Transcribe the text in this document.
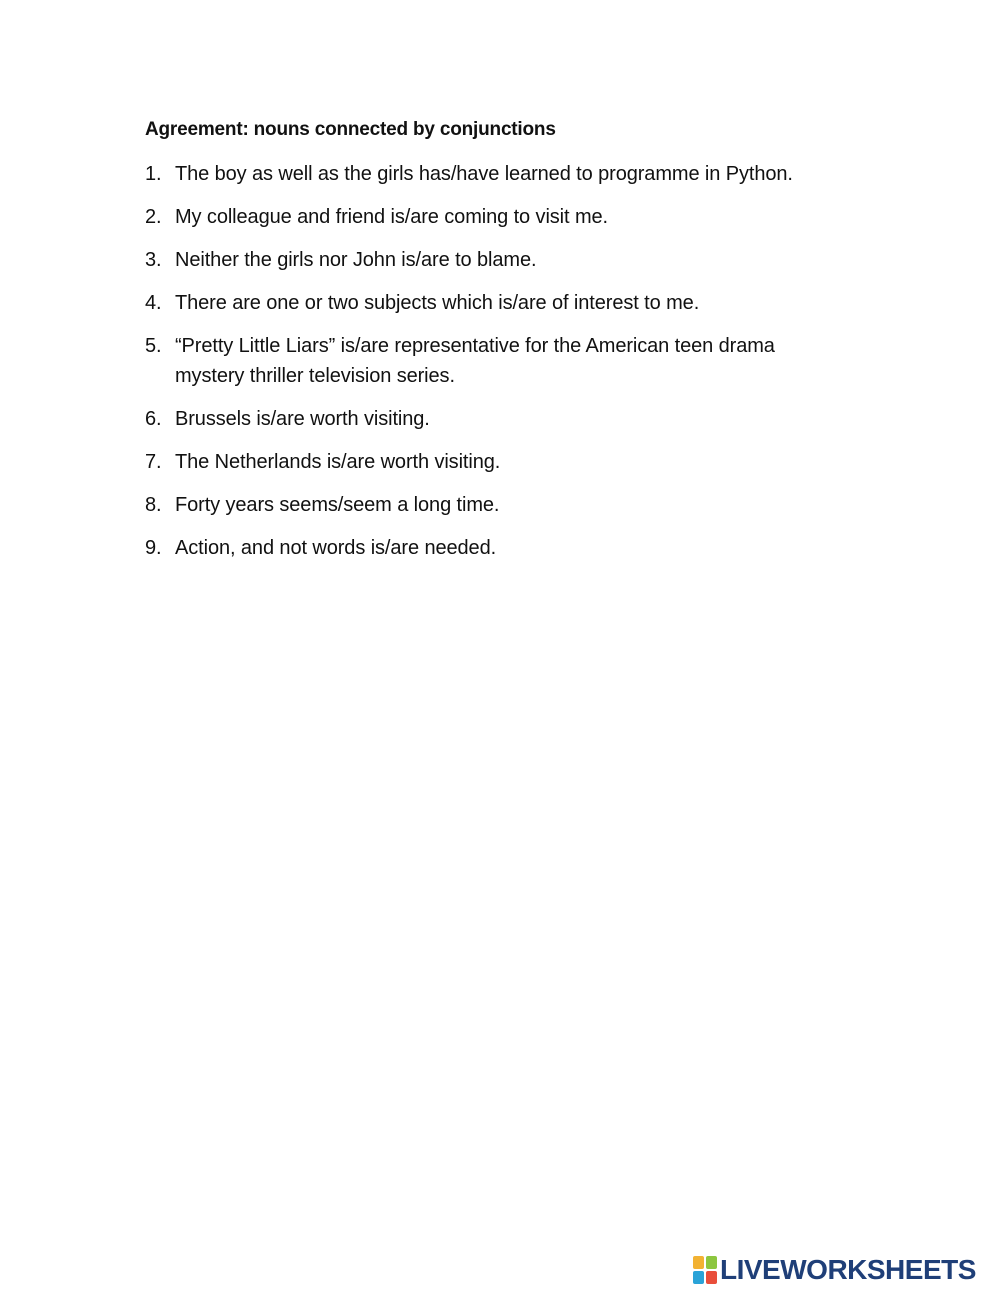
Agreement: nouns connected by conjunctions
1. The boy as well as the girls has/have learned to programme in Python.
2. My colleague and friend is/are coming to visit me.
3. Neither the girls nor John is/are to blame.
4. There are one or two subjects which is/are of interest to me.
5. “Pretty Little Liars” is/are representative for the American teen drama mystery thriller television series.
6. Brussels is/are worth visiting.
7. The Netherlands is/are worth visiting.
8. Forty years seems/seem a long time.
9. Action, and not words is/are needed.
LIVEWORKSHEETS
